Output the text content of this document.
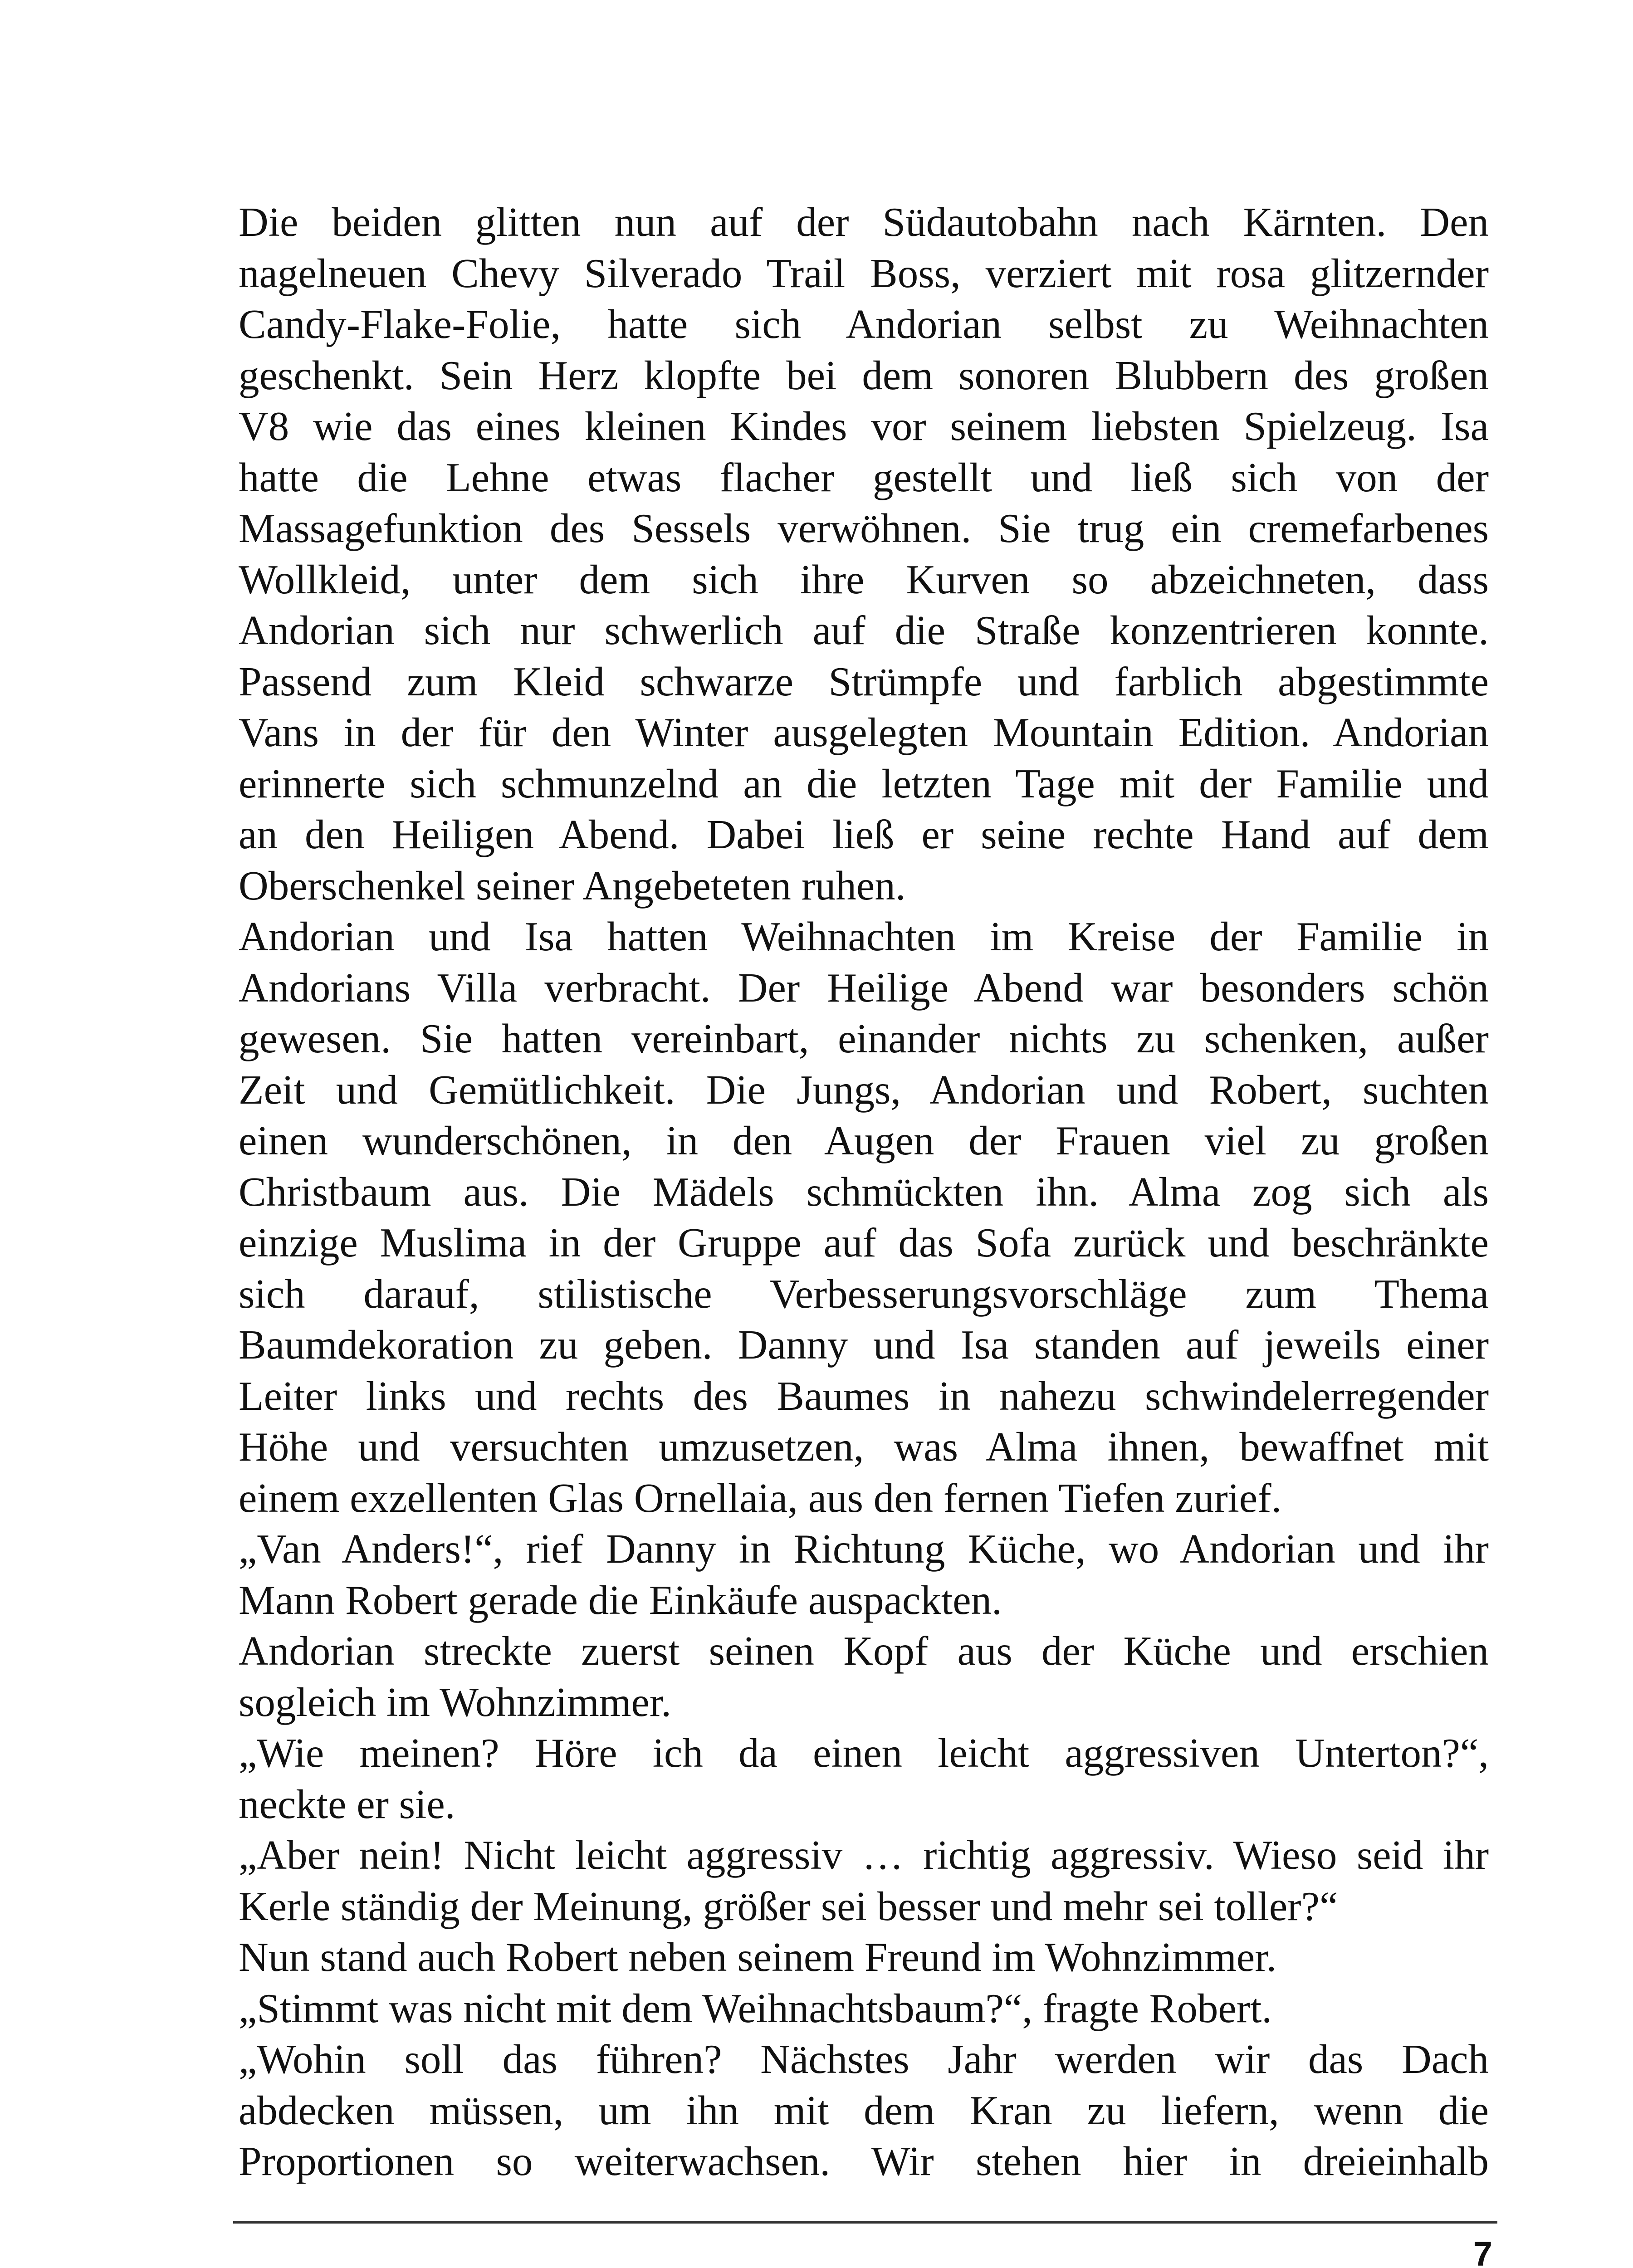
Die beiden glitten nun auf der Südautobahn nach Kärnten. Den
nagelneuen Chevy Silverado Trail Boss, verziert mit rosa glitzernder
Candy-Flake-Folie, hatte sich Andorian selbst zu Weihnachten
geschenkt. Sein Herz klopfte bei dem sonoren Blubbern des großen
V8 wie das eines kleinen Kindes vor seinem liebsten Spielzeug. Isa
hatte die Lehne etwas flacher gestellt und ließ sich von der
Massagefunktion des Sessels verwöhnen. Sie trug ein cremefarbenes
Wollkleid, unter dem sich ihre Kurven so abzeichneten, dass
Andorian sich nur schwerlich auf die Straße konzentrieren konnte.
Passend zum Kleid schwarze Strümpfe und farblich abgestimmte
Vans in der für den Winter ausgelegten Mountain Edition. Andorian
erinnerte sich schmunzelnd an die letzten Tage mit der Familie und
an den Heiligen Abend. Dabei ließ er seine rechte Hand auf dem
Oberschenkel seiner Angebeteten ruhen.
Andorian und Isa hatten Weihnachten im Kreise der Familie in
Andorians Villa verbracht. Der Heilige Abend war besonders schön
gewesen. Sie hatten vereinbart, einander nichts zu schenken, außer
Zeit und Gemütlichkeit. Die Jungs, Andorian und Robert, suchten
einen wunderschönen, in den Augen der Frauen viel zu großen
Christbaum aus. Die Mädels schmückten ihn. Alma zog sich als
einzige Muslima in der Gruppe auf das Sofa zurück und beschränkte
sich darauf, stilistische Verbesserungsvorschläge zum Thema
Baumdekoration zu geben. Danny und Isa standen auf jeweils einer
Leiter links und rechts des Baumes in nahezu schwindelerregender
Höhe und versuchten umzusetzen, was Alma ihnen, bewaffnet mit
einem exzellenten Glas Ornellaia, aus den fernen Tiefen zurief.
„Van Anders!“, rief Danny in Richtung Küche, wo Andorian und ihr
Mann Robert gerade die Einkäufe auspackten.
Andorian streckte zuerst seinen Kopf aus der Küche und erschien
sogleich im Wohnzimmer.
„Wie meinen? Höre ich da einen leicht aggressiven Unterton?“,
neckte er sie.
„Aber nein! Nicht leicht aggressiv … richtig aggressiv. Wieso seid ihr
Kerle ständig der Meinung, größer sei besser und mehr sei toller?“
Nun stand auch Robert neben seinem Freund im Wohnzimmer.
„Stimmt was nicht mit dem Weihnachtsbaum?“, fragte Robert.
„Wohin soll das führen? Nächstes Jahr werden wir das Dach
abdecken müssen, um ihn mit dem Kran zu liefern, wenn die
Proportionen so weiterwachsen. Wir stehen hier in dreieinhalb
7
